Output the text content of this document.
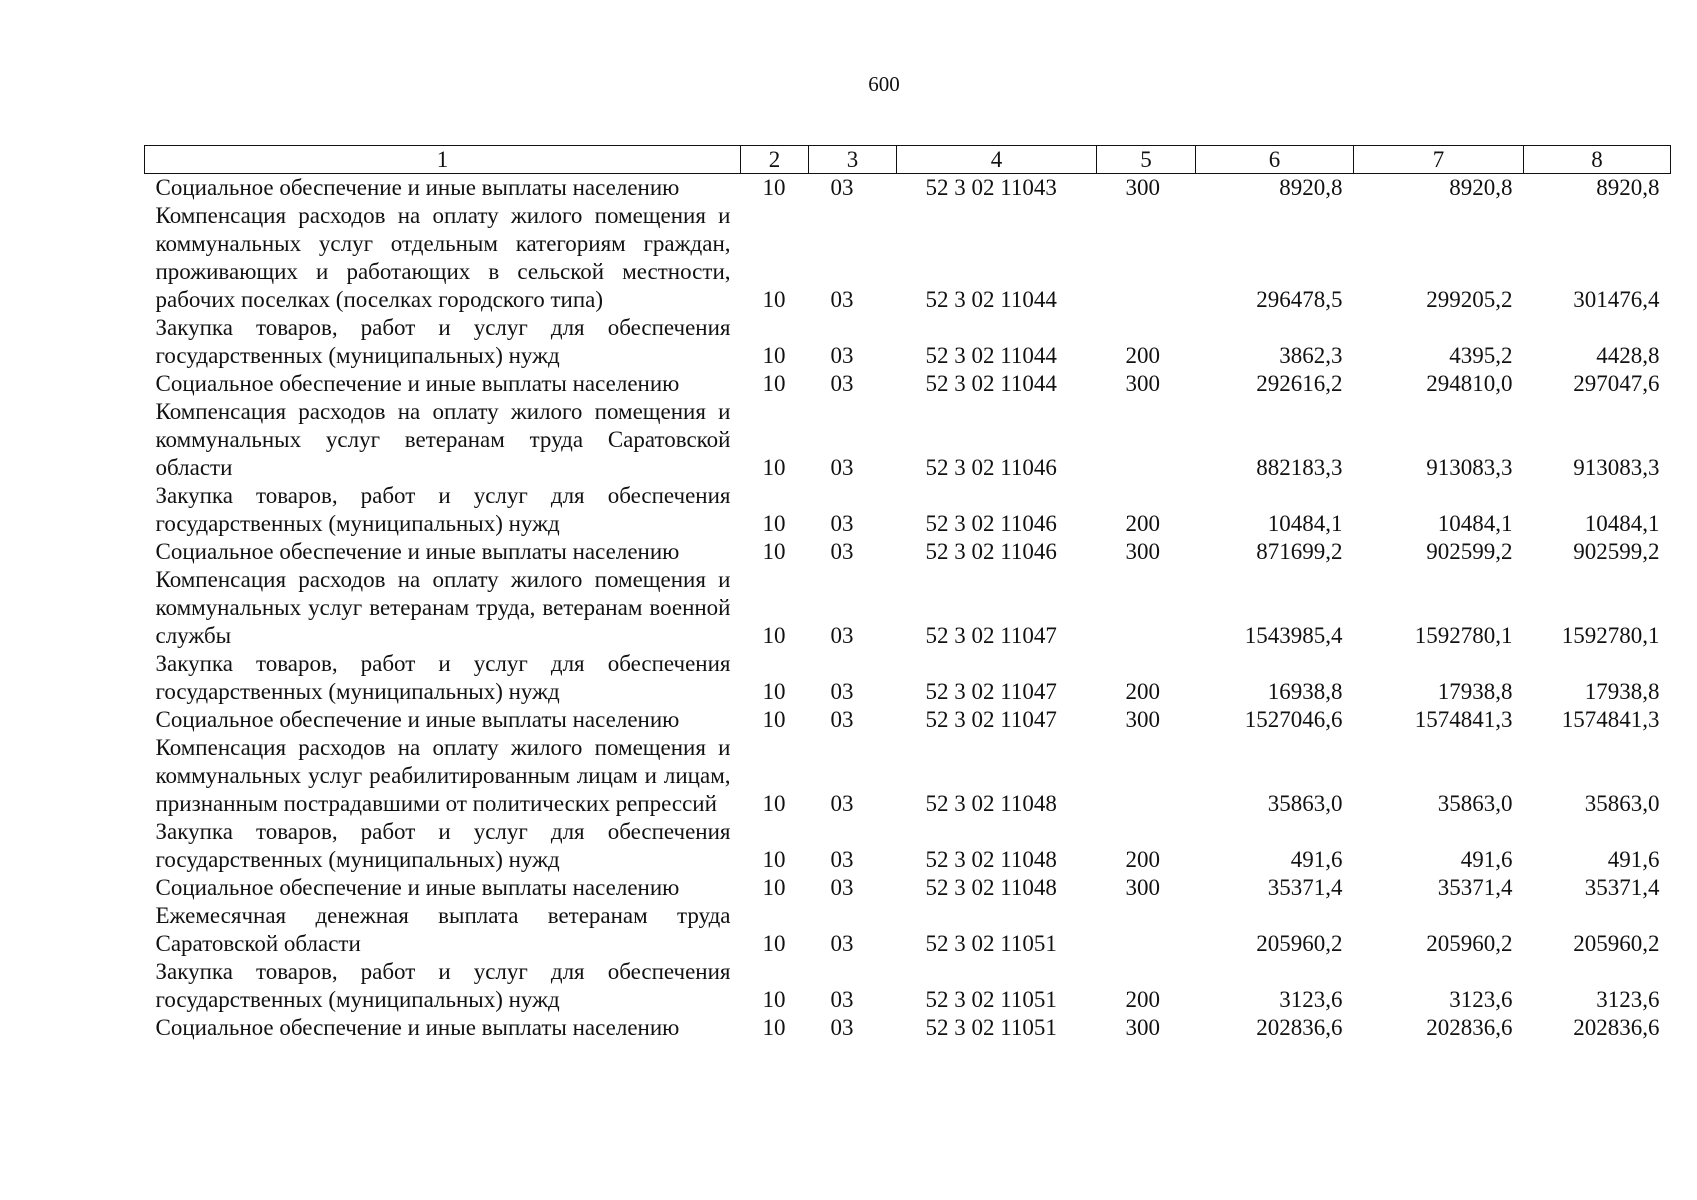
600
1	2	3	4	5	6	7	8
Социальное обеспечение и иные выплаты населению	10	03	52 3 02 11043	300	8920,8	8920,8	8920,8
Компенсация расходов на оплату жилого помещения и коммунальных услуг отдельным категориям граждан, проживающих и работающих в сельской местности, рабочих поселках (поселках городского типа)	10	03	52 3 02 11044		296478,5	299205,2	301476,4
Закупка товаров, работ и услуг для обеспечения государственных (муниципальных) нужд	10	03	52 3 02 11044	200	3862,3	4395,2	4428,8
Социальное обеспечение и иные выплаты населению	10	03	52 3 02 11044	300	292616,2	294810,0	297047,6
Компенсация расходов на оплату жилого помещения и коммунальных услуг ветеранам труда Саратовской области	10	03	52 3 02 11046		882183,3	913083,3	913083,3
Закупка товаров, работ и услуг для обеспечения государственных (муниципальных) нужд	10	03	52 3 02 11046	200	10484,1	10484,1	10484,1
Социальное обеспечение и иные выплаты населению	10	03	52 3 02 11046	300	871699,2	902599,2	902599,2
Компенсация расходов на оплату жилого помещения и коммунальных услуг ветеранам труда, ветеранам военной службы	10	03	52 3 02 11047		1543985,4	1592780,1	1592780,1
Закупка товаров, работ и услуг для обеспечения государственных (муниципальных) нужд	10	03	52 3 02 11047	200	16938,8	17938,8	17938,8
Социальное обеспечение и иные выплаты населению	10	03	52 3 02 11047	300	1527046,6	1574841,3	1574841,3
Компенсация расходов на оплату жилого помещения и коммунальных услуг реабилитированным лицам и лицам, признанным пострадавшими от политических репрессий	10	03	52 3 02 11048		35863,0	35863,0	35863,0
Закупка товаров, работ и услуг для обеспечения государственных (муниципальных) нужд	10	03	52 3 02 11048	200	491,6	491,6	491,6
Социальное обеспечение и иные выплаты населению	10	03	52 3 02 11048	300	35371,4	35371,4	35371,4
Ежемесячная денежная выплата ветеранам труда Саратовской области	10	03	52 3 02 11051		205960,2	205960,2	205960,2
Закупка товаров, работ и услуг для обеспечения государственных (муниципальных) нужд	10	03	52 3 02 11051	200	3123,6	3123,6	3123,6
Социальное обеспечение и иные выплаты населению	10	03	52 3 02 11051	300	202836,6	202836,6	202836,6
